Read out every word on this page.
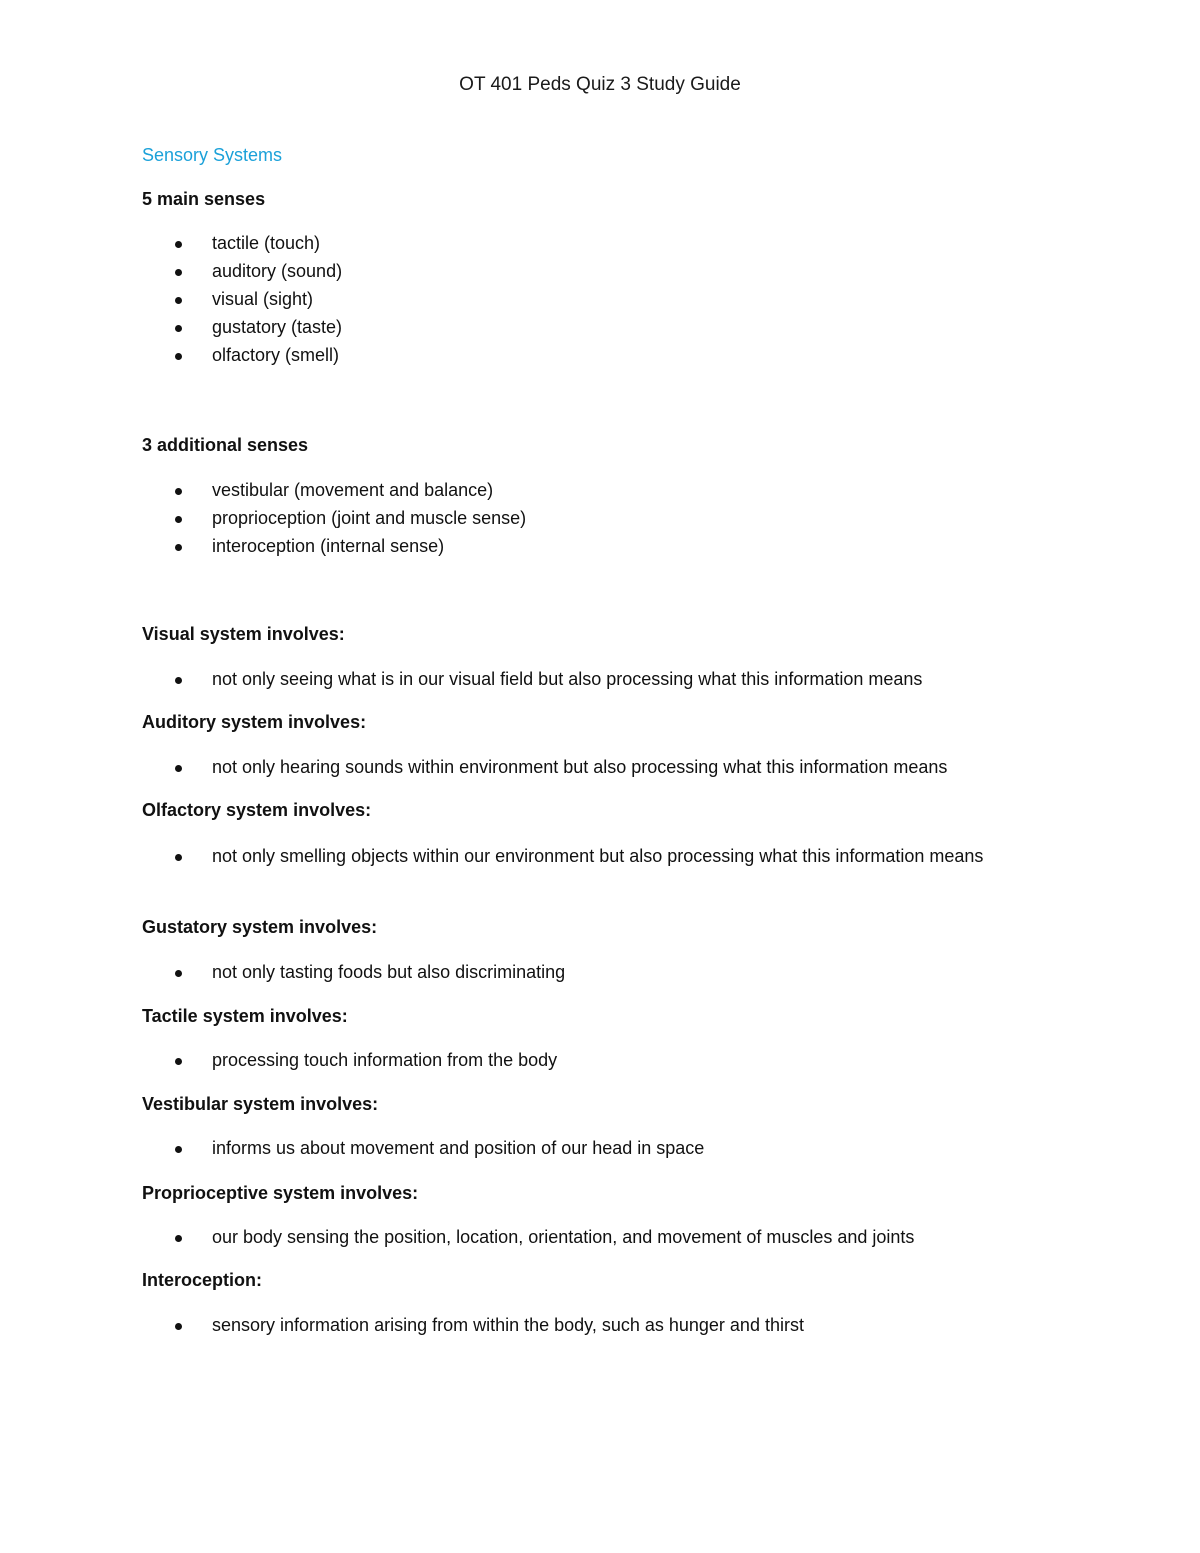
OT 401 Peds Quiz 3 Study Guide
Sensory Systems
5 main senses
tactile (touch)
auditory (sound)
visual (sight)
gustatory (taste)
olfactory (smell)
3 additional senses
vestibular (movement and balance)
proprioception (joint and muscle sense)
interoception (internal sense)
Visual system involves:
not only seeing what is in our visual field but also processing what this information means
Auditory system involves:
not only hearing sounds within environment but also processing what this information means
Olfactory system involves:
not only smelling objects within our environment but also processing what this information means
Gustatory system involves:
not only tasting foods but also discriminating
Tactile system involves:
processing touch information from the body
Vestibular system involves:
informs us about movement and position of our head in space
Proprioceptive system involves:
our body sensing the position, location, orientation, and movement of muscles and joints
Interoception:
sensory information arising from within the body, such as hunger and thirst
